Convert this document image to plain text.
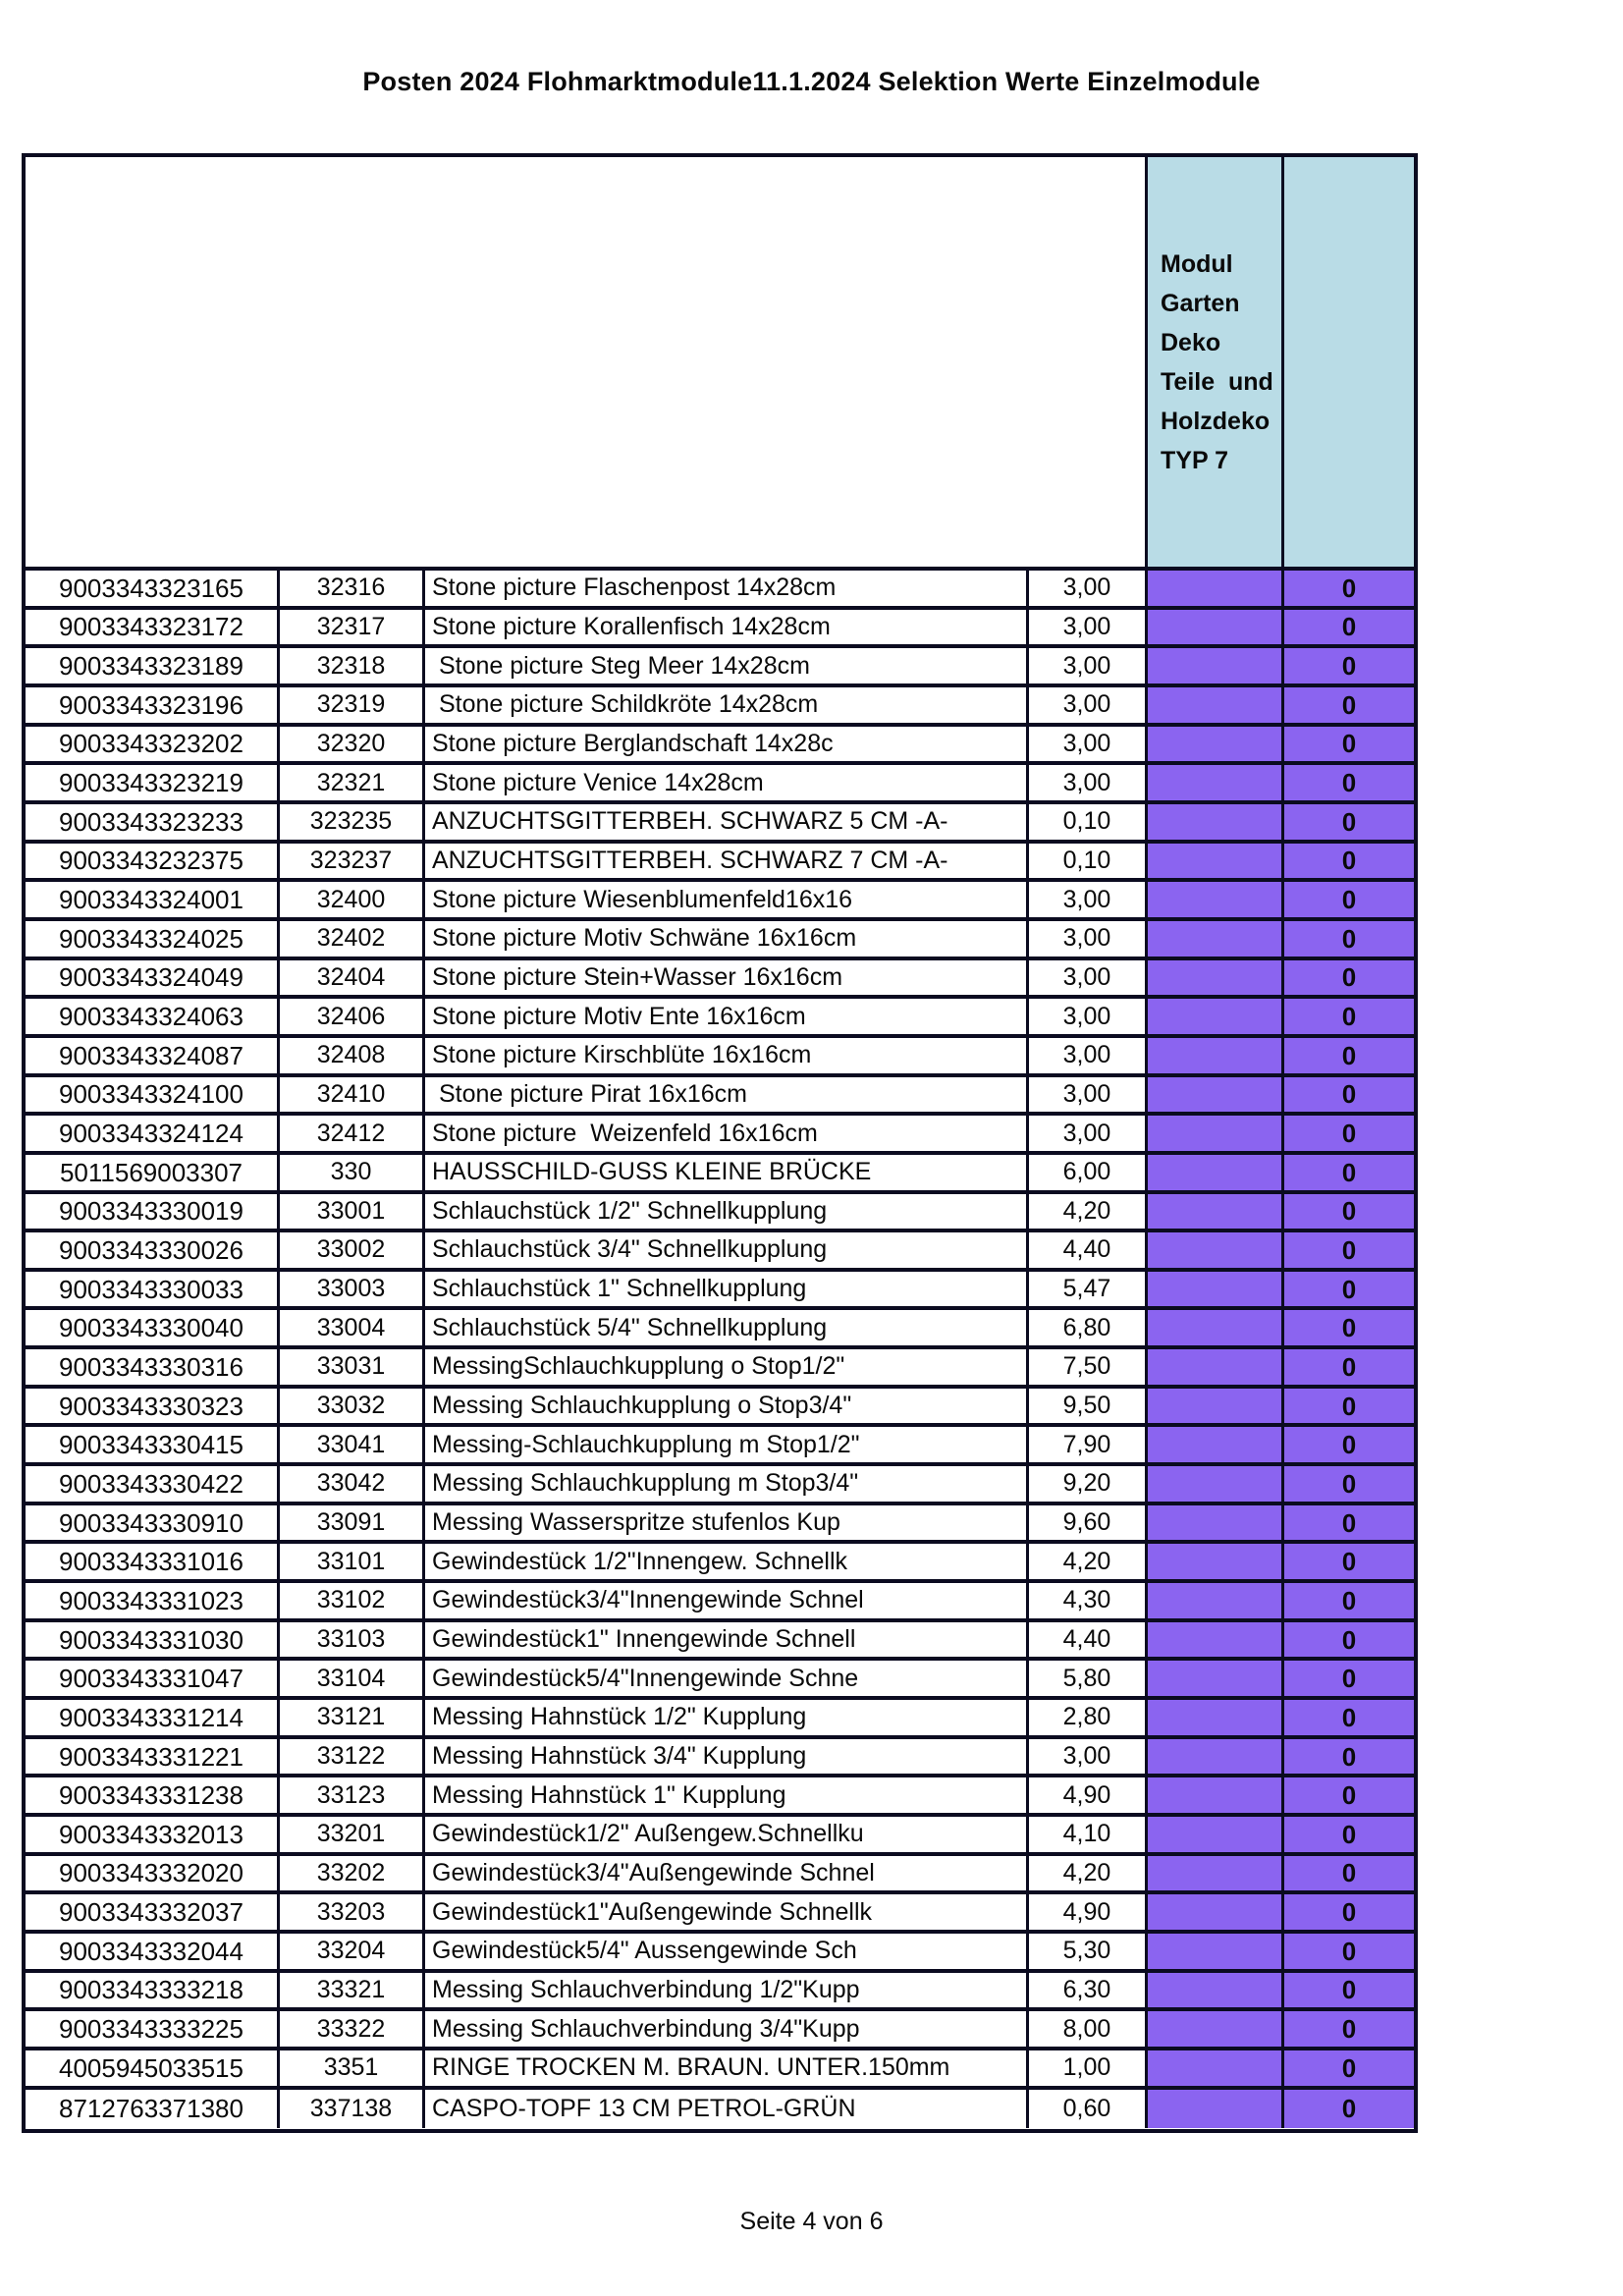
Posten 2024 Flohmarktmodule11.1.2024 Selektion Werte Einzelmodule
Modul
Garten
Deko
Teile  und
Holzdeko
TYP 7
9003343323165	32316	Stone picture Flaschenpost 14x28cm	3,00	0
9003343323172	32317	Stone picture Korallenfisch 14x28cm	3,00	0
9003343323189	32318	Stone picture Steg Meer 14x28cm	3,00	0
9003343323196	32319	Stone picture Schildkröte 14x28cm	3,00	0
9003343323202	32320	Stone picture Berglandschaft 14x28c	3,00	0
9003343323219	32321	Stone picture Venice 14x28cm	3,00	0
9003343323233	323235	ANZUCHTSGITTERBEH. SCHWARZ 5 CM -A-	0,10	0
9003343232375	323237	ANZUCHTSGITTERBEH. SCHWARZ 7 CM -A-	0,10	0
9003343324001	32400	Stone picture Wiesenblumenfeld16x16	3,00	0
9003343324025	32402	Stone picture Motiv Schwäne 16x16cm	3,00	0
9003343324049	32404	Stone picture Stein+Wasser 16x16cm	3,00	0
9003343324063	32406	Stone picture Motiv Ente 16x16cm	3,00	0
9003343324087	32408	Stone picture Kirschblüte 16x16cm	3,00	0
9003343324100	32410	Stone picture Pirat 16x16cm	3,00	0
9003343324124	32412	Stone picture  Weizenfeld 16x16cm	3,00	0
5011569003307	330	HAUSSCHILD-GUSS KLEINE BRÜCKE	6,00	0
9003343330019	33001	Schlauchstück 1/2" Schnellkupplung	4,20	0
9003343330026	33002	Schlauchstück 3/4" Schnellkupplung	4,40	0
9003343330033	33003	Schlauchstück 1" Schnellkupplung	5,47	0
9003343330040	33004	Schlauchstück 5/4" Schnellkupplung	6,80	0
9003343330316	33031	MessingSchlauchkupplung o Stop1/2"	7,50	0
9003343330323	33032	Messing Schlauchkupplung o Stop3/4"	9,50	0
9003343330415	33041	Messing-Schlauchkupplung m Stop1/2"	7,90	0
9003343330422	33042	Messing Schlauchkupplung m Stop3/4"	9,20	0
9003343330910	33091	Messing Wasserspritze stufenlos Kup	9,60	0
9003343331016	33101	Gewindestück 1/2"Innengew. Schnellk	4,20	0
9003343331023	33102	Gewindestück3/4"Innengewinde Schnel	4,30	0
9003343331030	33103	Gewindestück1" Innengewinde Schnell	4,40	0
9003343331047	33104	Gewindestück5/4"Innengewinde Schne	5,80	0
9003343331214	33121	Messing Hahnstück 1/2" Kupplung	2,80	0
9003343331221	33122	Messing Hahnstück 3/4" Kupplung	3,00	0
9003343331238	33123	Messing Hahnstück 1" Kupplung	4,90	0
9003343332013	33201	Gewindestück1/2" Außengew.Schnellku	4,10	0
9003343332020	33202	Gewindestück3/4"Außengewinde Schnel	4,20	0
9003343332037	33203	Gewindestück1"Außengewinde Schnellk	4,90	0
9003343332044	33204	Gewindestück5/4" Aussengewinde Sch	5,30	0
9003343333218	33321	Messing Schlauchverbindung 1/2"Kupp	6,30	0
9003343333225	33322	Messing Schlauchverbindung 3/4"Kupp	8,00	0
4005945033515	3351	RINGE TROCKEN M. BRAUN. UNTER.150mm	1,00	0
8712763371380	337138	CASPO-TOPF 13 CM PETROL-GRÜN	0,60	0
Seite 4 von 6
